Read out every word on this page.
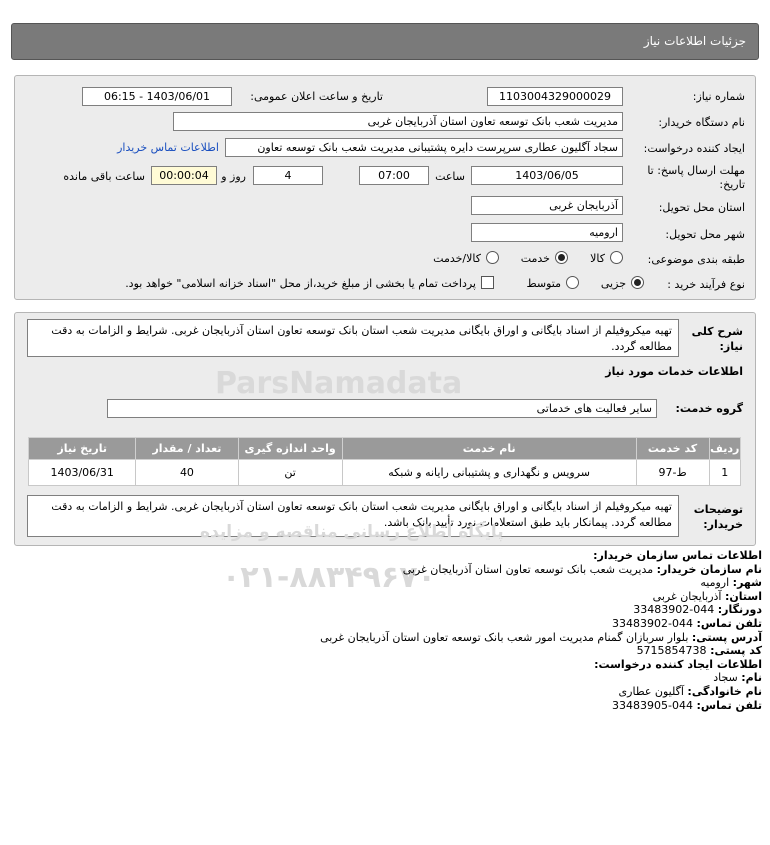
جزئیات اطلاعات نیاز
شماره نیاز:
1103004329000029
تاریخ و ساعت اعلان عمومی:
1403/06/01 - 06:15
نام دستگاه خریدار:
مدیریت شعب بانک توسعه تعاون استان آذربایجان غربی
ایجاد کننده درخواست:
سجاد آگلیون عطاری سرپرست دایره پشتیبانی مدیریت شعب بانک توسعه تعاون
اطلاعات تماس خریدار
مهلت ارسال پاسخ: تا
تاریخ:
1403/06/05
ساعت
07:00
4
روز و
00:00:04
ساعت باقی مانده
استان محل تحویل:
آذربایجان غربی
شهر محل تحویل:
ارومیه
طبقه بندی موضوعی:
کالا
خدمت
کالا/خدمت
نوع فرآیند خرید :
جزیی
متوسط
پرداخت تمام یا بخشی از مبلغ خرید،از محل "اسناد خزانه اسلامی" خواهد بود.
شرح کلی
نیاز:
تهیه میکروفیلم از اسناد بایگانی و اوراق بایگانی مدیریت شعب استان بانک توسعه تعاون استان آذربایجان غربی. شرایط و الزامات به دقت مطالعه گردد.
اطلاعات خدمات مورد نیاز
گروه خدمت:
سایر فعالیت های خدماتی
ردیف	کد خدمت	نام خدمت	واحد اندازه گیری	تعداد / مقدار	تاریخ نیاز
1	ط-97	سرویس و نگهداری و پشتیبانی رایانه و شبکه	تن	40	1403/06/31
توضیحات
خریدار:
تهیه میکروفیلم از اسناد بایگانی و اوراق بایگانی مدیریت شعب استان بانک توسعه تعاون استان آذربایجان غربی. شرایط و الزامات به دقت مطالعه گردد. پیمانکار باید طبق استعلامات نورد تأیید بانک باشد.
ParsNamadata
پایگاه اطلاع رسانی مناقصه و مزایده
۰۲۱-۸۸۳۴۹۶۷۰
اطلاعات تماس سازمان خریدار:
نام سازمان خریدار: مدیریت شعب بانک توسعه تعاون استان آذربایجان غربی
شهر: ارومیه
استان: آذربایجان غربی
دورنگار: 044-33483902
تلفن تماس: 044-33483902
آدرس پستی: بلوار سربازان گمنام مدیریت امور شعب بانک توسعه تعاون استان آذربایجان غربی
کد پستی: 5715854738
اطلاعات ایجاد کننده درخواست:
نام: سجاد
نام خانوادگی: آگلیون عطاری
تلفن تماس: 044-33483905
